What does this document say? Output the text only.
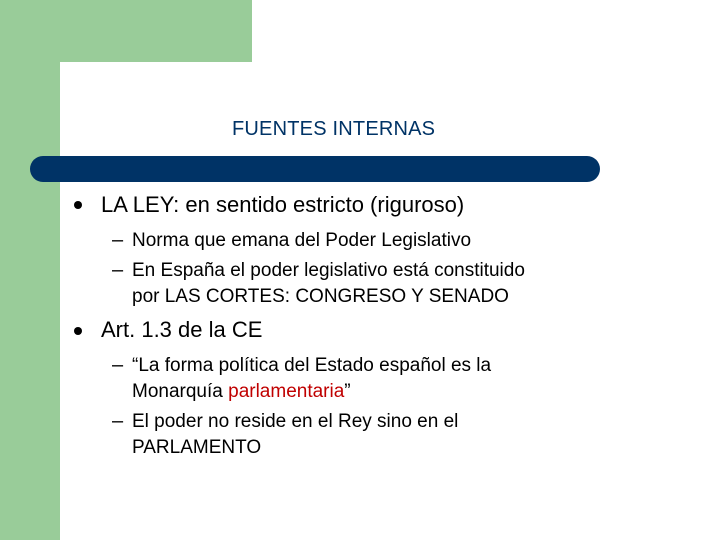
FUENTES INTERNAS
LA LEY: en sentido estricto (riguroso)
– Norma que emana del Poder Legislativo
– En España el poder legislativo está constituido
por LAS CORTES: CONGRESO Y SENADO
Art. 1.3 de la CE
– “La forma política del Estado español es la
Monarquía parlamentaria”
– El poder no reside en el Rey sino en el
PARLAMENTO
